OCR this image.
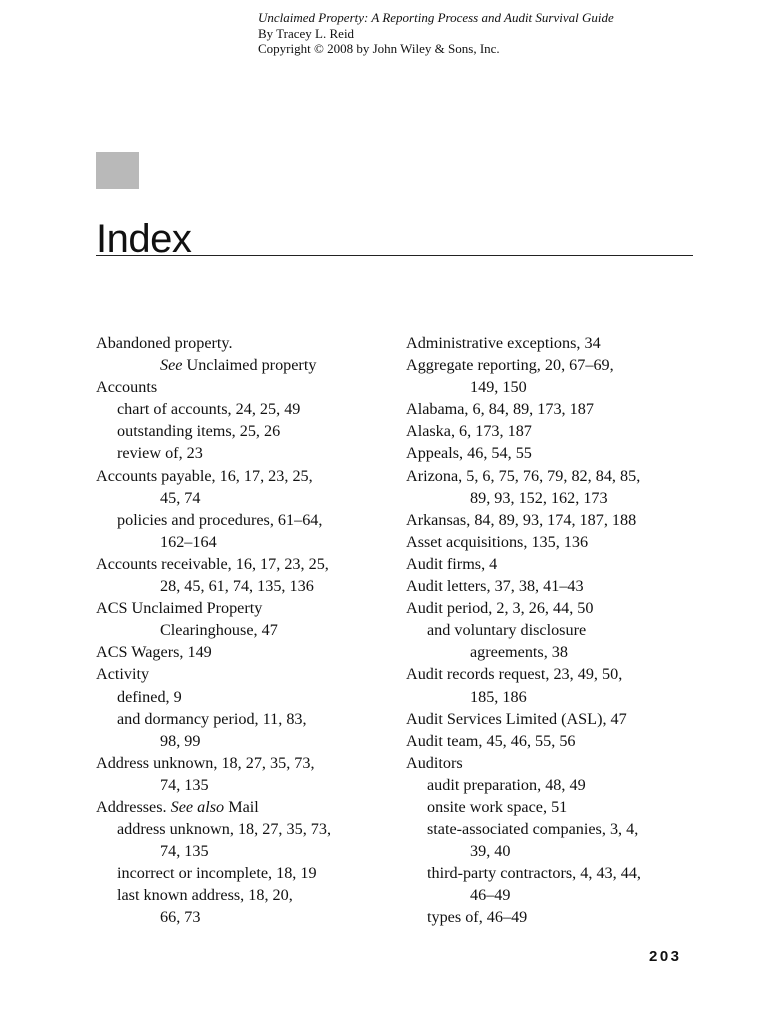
Unclaimed Property: A Reporting Process and Audit Survival Guide
By Tracey L. Reid
Copyright © 2008 by John Wiley & Sons, Inc.
Index
Abandoned property.
See Unclaimed property
Accounts
chart of accounts, 24, 25, 49
outstanding items, 25, 26
review of, 23
Accounts payable, 16, 17, 23, 25,
45, 74
policies and procedures, 61–64,
162–164
Accounts receivable, 16, 17, 23, 25,
28, 45, 61, 74, 135, 136
ACS Unclaimed Property
Clearinghouse, 47
ACS Wagers, 149
Activity
defined, 9
and dormancy period, 11, 83,
98, 99
Address unknown, 18, 27, 35, 73,
74, 135
Addresses. See also Mail
address unknown, 18, 27, 35, 73,
74, 135
incorrect or incomplete, 18, 19
last known address, 18, 20,
66, 73
Administrative exceptions, 34
Aggregate reporting, 20, 67–69,
149, 150
Alabama, 6, 84, 89, 173, 187
Alaska, 6, 173, 187
Appeals, 46, 54, 55
Arizona, 5, 6, 75, 76, 79, 82, 84, 85,
89, 93, 152, 162, 173
Arkansas, 84, 89, 93, 174, 187, 188
Asset acquisitions, 135, 136
Audit firms, 4
Audit letters, 37, 38, 41–43
Audit period, 2, 3, 26, 44, 50
and voluntary disclosure
agreements, 38
Audit records request, 23, 49, 50,
185, 186
Audit Services Limited (ASL), 47
Audit team, 45, 46, 55, 56
Auditors
audit preparation, 48, 49
onsite work space, 51
state-associated companies, 3, 4,
39, 40
third-party contractors, 4, 43, 44,
46–49
types of, 46–49
203
